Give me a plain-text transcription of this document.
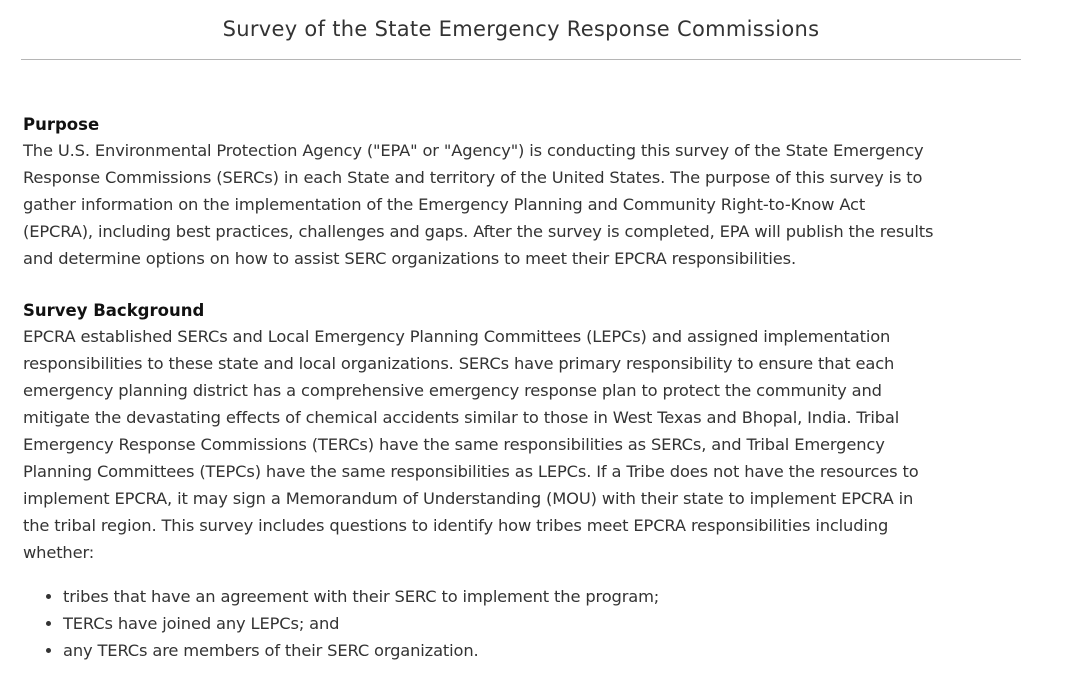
Survey of the State Emergency Response Commissions
Purpose

The U.S. Environmental Protection Agency ("EPA" or "Agency") is conducting this survey of the State Emergency
Response Commissions (SERCs) in each State and territory of the United States. The purpose of this survey is to
gather information on the implementation of the Emergency Planning and Community Right-to-Know Act
(EPCRA), including best practices, challenges and gaps. After the survey is completed, EPA will publish the results
and determine options on how to assist SERC organizations to meet their EPCRA responsibilities.

Survey Background

EPCRA established SERCs and Local Emergency Planning Committees (LEPCs) and assigned implementation
responsibilities to these state and local organizations. SERCs have primary responsibility to ensure that each
emergency planning district has a comprehensive emergency response plan to protect the community and
mitigate the devastating effects of chemical accidents similar to those in West Texas and Bhopal, India. Tribal
Emergency Response Commissions (TERCs) have the same responsibilities as SERCs, and Tribal Emergency
Planning Committees (TEPCs) have the same responsibilities as LEPCs. If a Tribe does not have the resources to
implement EPCRA, it may sign a Memorandum of Understanding (MOU) with their state to implement EPCRA in
the tribal region. This survey includes questions to identify how tribes meet EPCRA responsibilities including
whether:

• tribes that have an agreement with their SERC to implement the program;
• TERCs have joined any LEPCs; and
• any TERCs are members of their SERC organization.
